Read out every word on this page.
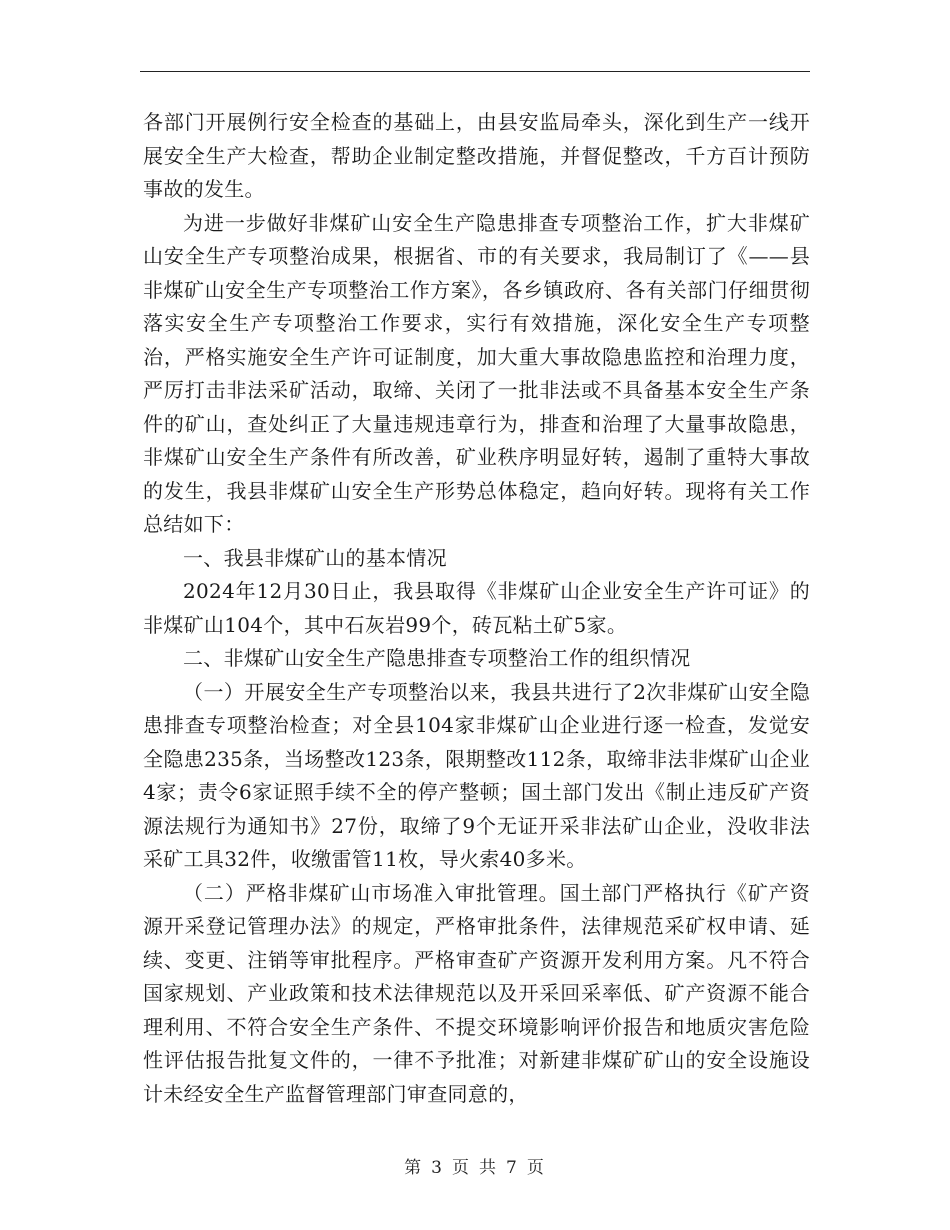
各部门开展例行安全检查的基础上，由县安监局牵头，深化到生产一线开展安全生产大检查，帮助企业制定整改措施，并督促整改，千方百计预防事故的发生。

为进一步做好非煤矿山安全生产隐患排查专项整治工作，扩大非煤矿山安全生产专项整治成果，根据省、市的有关要求，我局制订了《——县非煤矿山安全生产专项整治工作方案》，各乡镇政府、各有关部门仔细贯彻落实安全生产专项整治工作要求，实行有效措施，深化安全生产专项整治，严格实施安全生产许可证制度，加大重大事故隐患监控和治理力度，严厉打击非法采矿活动，取缔、关闭了一批非法或不具备基本安全生产条件的矿山，查处纠正了大量违规违章行为，排查和治理了大量事故隐患，非煤矿山安全生产条件有所改善，矿业秩序明显好转，遏制了重特大事故的发生，我县非煤矿山安全生产形势总体稳定，趋向好转。现将有关工作总结如下：

一、我县非煤矿山的基本情况

2024年12月30日止，我县取得《非煤矿山企业安全生产许可证》的非煤矿山104个，其中石灰岩99个，砖瓦粘土矿5家。

二、非煤矿山安全生产隐患排查专项整治工作的组织情况

（一）开展安全生产专项整治以来，我县共进行了2次非煤矿山安全隐患排查专项整治检查；对全县104家非煤矿山企业进行逐一检查，发觉安全隐患235条，当场整改123条，限期整改112条，取缔非法非煤矿山企业4家；责令6家证照手续不全的停产整顿；国土部门发出《制止违反矿产资源法规行为通知书》27份，取缔了9个无证开采非法矿山企业，没收非法采矿工具32件，收缴雷管11枚，导火索40多米。

（二）严格非煤矿山市场准入审批管理。国土部门严格执行《矿产资源开采登记管理办法》的规定，严格审批条件，法律规范采矿权申请、延续、变更、注销等审批程序。严格审查矿产资源开发利用方案。凡不符合国家规划、产业政策和技术法律规范以及开采回采率低、矿产资源不能合理利用、不符合安全生产条件、不提交环境影响评价报告和地质灾害危险性评估报告批复文件的，一律不予批准；对新建非煤矿矿山的安全设施设计未经安全生产监督管理部门审查同意的，

第 3 页 共 7 页
